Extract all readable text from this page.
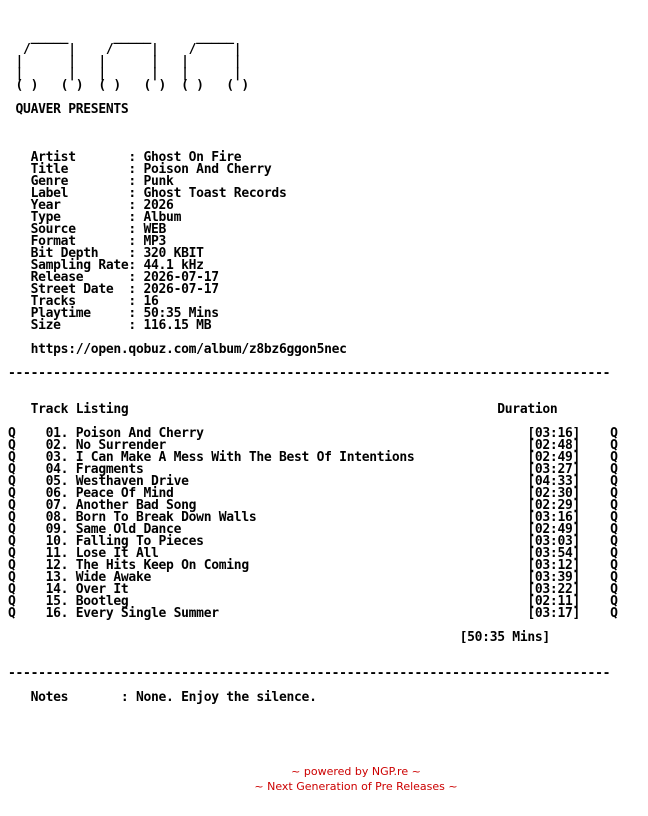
_____      _____      _____
/     |    /     |    /     |
|      |   |      |   |      |
|      |   |      |   |      |
( )   ( )  ( )   ( )  ( )   ( )

QUAVER PRESENTS

Artist       : Ghost On Fire
Title        : Poison And Cherry
Genre        : Punk
Label        : Ghost Toast Records
Year         : 2026
Type         : Album
Source       : WEB
Format       : MP3
Bit Depth    : 320 KBIT
Sampling Rate: 44.1 kHz
Release      : 2026-07-17
Street Date  : 2026-07-17
Tracks       : 16
Playtime     : 50:35 Mins
Size         : 116.15 MB

https://open.qobuz.com/album/z8bz6ggon5nec

--------------------------------------------------------------------------------

Track Listing                                                 Duration

Q    01. Poison And Cherry                                           [03:16]    Q
Q    02. No Surrender                                                [02:48]    Q
Q    03. I Can Make A Mess With The Best Of Intentions               [02:49]    Q
Q    04. Fragments                                                   [03:27]    Q
Q    05. Westhaven Drive                                             [04:33]    Q
Q    06. Peace Of Mind                                               [02:30]    Q
Q    07. Another Bad Song                                            [02:29]    Q
Q    08. Born To Break Down Walls                                    [03:16]    Q
Q    09. Same Old Dance                                              [02:49]    Q
Q    10. Falling To Pieces                                           [03:03]    Q
Q    11. Lose It All                                                 [03:54]    Q
Q    12. The Hits Keep On Coming                                     [03:12]    Q
Q    13. Wide Awake                                                  [03:39]    Q
Q    14. Over It                                                     [03:22]    Q
Q    15. Bootleg                                                     [02:11]    Q
Q    16. Every Single Summer                                         [03:17]    Q

[50:35 Mins]

--------------------------------------------------------------------------------

Notes       : None. Enjoy the silence.
~ powered by NGP.re ~
~ Next Generation of Pre Releases ~
